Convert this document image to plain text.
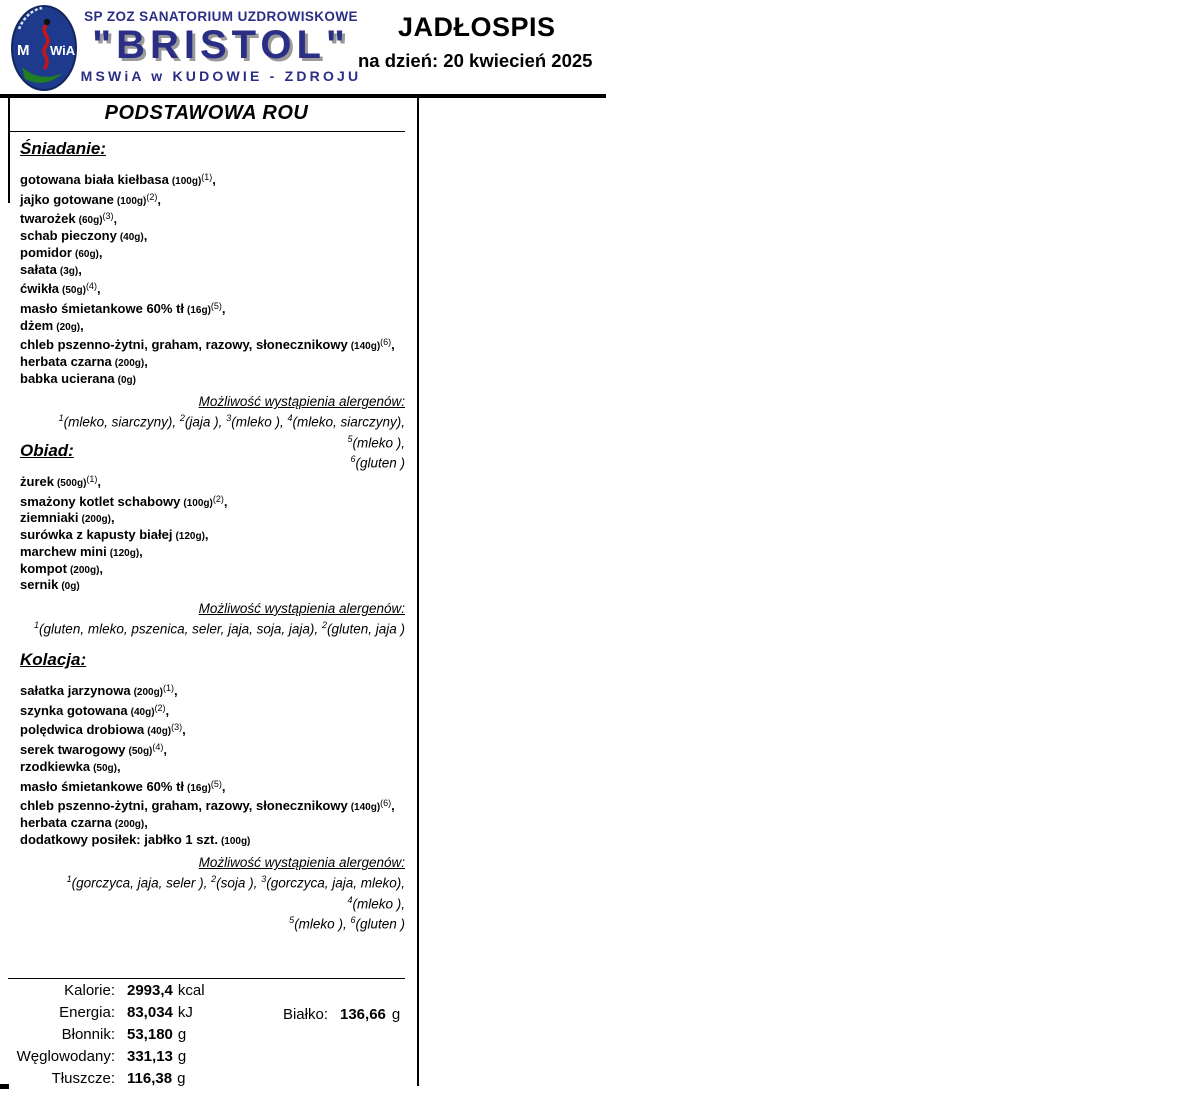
M WiA
SP ZOZ SANATORIUM UZDROWISKOWE
"BRISTOL"
MSWiA w KUDOWIE - ZDROJU
JADŁOSPIS
na dzień: 20 kwiecień 2025
PODSTAWOWA ROU
Śniadanie:
gotowana biała kiełbasa $(100g)^{(1)}$,
jajko gotowane $(100g)^{(2)}$,
twarożek $(60g)^{(3)}$,
schab pieczony (40g),
pomidor (60g),
sałata (3g),
ćwikła $(50g)^{(4)}$,
masło śmietankowe 60% tł $(16g)^{(5)}$,
dżem (20g),
chleb pszenno-żytni, graham, razowy, słonecznikowy $(140g)^{(6)}$,
herbata czarna (200g),
babka ucierana (0g)
Możliwość wystąpienia alergenów:
$^1$(mleko, siarczyny), $^2$(jaja ), $^3$(mleko ), $^4$(mleko, siarczyny), $^5$(mleko ),
$^6$(gluten )
Obiad:
żurek $(500g)^{(1)}$,
smażony kotlet schabowy $(100g)^{(2)}$,
ziemniaki (200g),
surówka z kapusty białej (120g),
marchew mini (120g),
kompot (200g),
sernik (0g)
Możliwość wystąpienia alergenów:
$^1$(gluten, mleko, pszenica, seler, jaja, soja, jaja), $^2$(gluten, jaja )
Kolacja:
sałatka jarzynowa $(200g)^{(1)}$,
szynka gotowana $(40g)^{(2)}$,
polędwica drobiowa $(40g)^{(3)}$,
serek twarogowy $(50g)^{(4)}$,
rzodkiewka (50g),
masło śmietankowe 60% tł $(16g)^{(5)}$,
chleb pszenno-żytni, graham, razowy, słonecznikowy $(140g)^{(6)}$,
herbata czarna (200g),
dodatkowy posiłek: jabłko 1 szt. (100g)
Możliwość wystąpienia alergenów:
$^1$(gorczyca, jaja, seler ), $^2$(soja ), $^3$(gorczyca, jaja, mleko), $^4$(mleko ),
$^5$(mleko ), $^6$(gluten )
Kalorie: 2993,4 kcal
Energia: 83,034 kJ
Błonnik: 53,180 g
Węglowodany: 331,13 g
Tłuszcze: 116,38 g
Białko: 136,66 g
